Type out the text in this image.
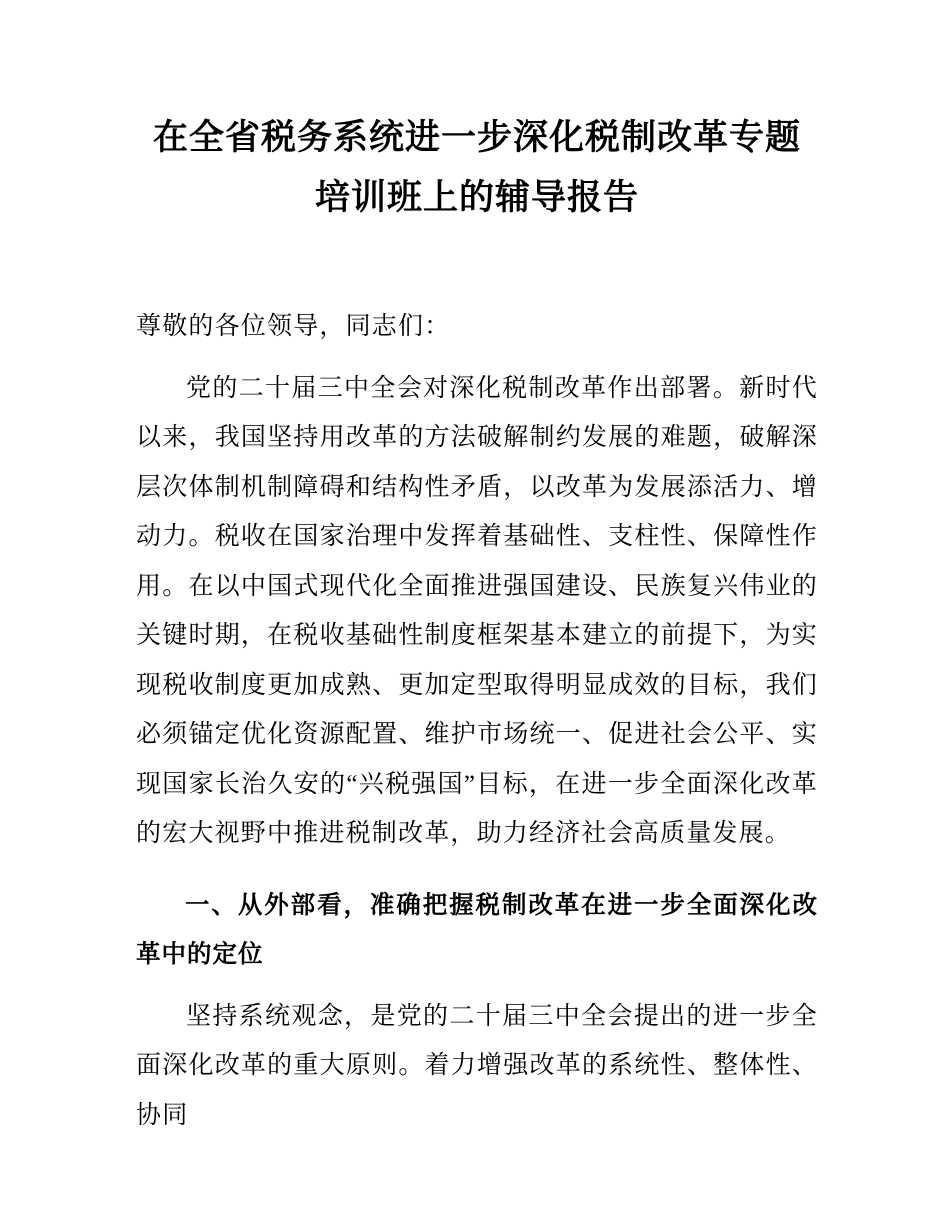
在全省税务系统进一步深化税制改革专题培训班上的辅导报告

尊敬的各位领导，同志们：

党的二十届三中全会对深化税制改革作出部署。新时代以来，我国坚持用改革的方法破解制约发展的难题，破解深层次体制机制障碍和结构性矛盾，以改革为发展添活力、增动力。税收在国家治理中发挥着基础性、支柱性、保障性作用。在以中国式现代化全面推进强国建设、民族复兴伟业的关键时期，在税收基础性制度框架基本建立的前提下，为实现税收制度更加成熟、更加定型取得明显成效的目标，我们必须锚定优化资源配置、维护市场统一、促进社会公平、实现国家长治久安的“兴税强国”目标，在进一步全面深化改革的宏大视野中推进税制改革，助力经济社会高质量发展。

一、从外部看，准确把握税制改革在进一步全面深化改革中的定位

坚持系统观念，是党的二十届三中全会提出的进一步全面深化改革的重大原则。着力增强改革的系统性、整体性、协同
